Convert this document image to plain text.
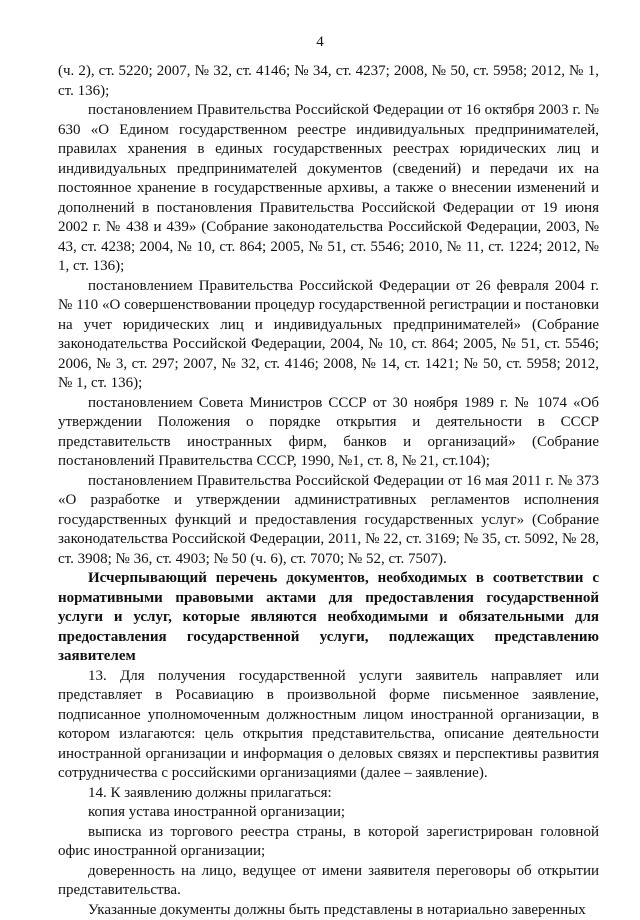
4

(ч. 2), ст. 5220; 2007, № 32, ст. 4146; № 34, ст. 4237; 2008, № 50, ст. 5958; 2012, № 1, ст. 136);

постановлением Правительства Российской Федерации от 16 октября 2003 г. № 630 «О Едином государственном реестре индивидуальных предпринимателей, правилах хранения в единых государственных реестрах юридических лиц и индивидуальных предпринимателей документов (сведений) и передачи их на постоянное хранение в государственные архивы, а также о внесении изменений и дополнений в постановления Правительства Российской Федерации от 19 июня 2002 г. № 438 и 439» (Собрание законодательства Российской Федерации, 2003, № 43, ст. 4238; 2004, № 10, ст. 864; 2005, № 51, ст. 5546; 2010, № 11, ст. 1224; 2012, № 1, ст. 136);

постановлением Правительства Российской Федерации от 26 февраля 2004 г. № 110 «О совершенствовании процедур государственной регистрации и постановки на учет юридических лиц и индивидуальных предпринимателей» (Собрание законодательства Российской Федерации, 2004, № 10, ст. 864; 2005, № 51, ст. 5546; 2006, № 3, ст. 297; 2007, № 32, ст. 4146; 2008, № 14, ст. 1421; № 50, ст. 5958; 2012, № 1, ст. 136);

постановлением Совета Министров СССР от 30 ноября 1989 г. № 1074 «Об утверждении Положения о порядке открытия и деятельности в СССР представительств иностранных фирм, банков и организаций» (Собрание постановлений Правительства СССР, 1990, №1, ст. 8, № 21, ст.104);

постановлением Правительства Российской Федерации от 16 мая 2011 г. № 373 «О разработке и утверждении административных регламентов исполнения государственных функций и предоставления государственных услуг» (Собрание законодательства Российской Федерации, 2011, № 22, ст. 3169; № 35, ст. 5092, № 28, ст. 3908; № 36, ст. 4903; № 50 (ч. 6), ст. 7070; № 52, ст. 7507).

Исчерпывающий перечень документов, необходимых в соответствии с нормативными правовыми актами для предоставления государственной услуги и услуг, которые являются необходимыми и обязательными для предоставления государственной услуги, подлежащих представлению заявителем

13. Для получения государственной услуги заявитель направляет или представляет в Росавиацию в произвольной форме письменное заявление, подписанное уполномоченным должностным лицом иностранной организации, в котором излагаются: цель открытия представительства, описание деятельности иностранной организации и информация о деловых связях и перспективы развития сотрудничества с российскими организациями (далее – заявление).

14. К заявлению должны прилагаться:

копия устава иностранной организации;

выписка из торгового реестра страны, в которой зарегистрирован головной офис иностранной организации;

доверенность на лицо, ведущее от имени заявителя переговоры об открытии представительства.

Указанные документы должны быть представлены в нотариально заверенных
